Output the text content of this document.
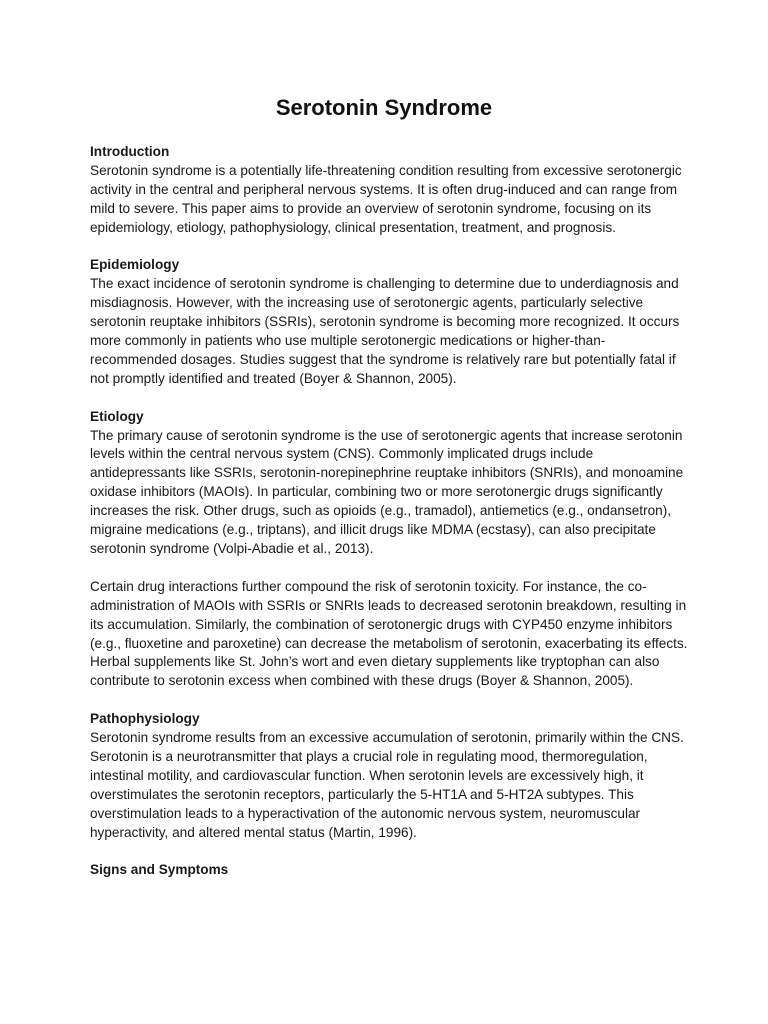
Serotonin Syndrome
Introduction

Serotonin syndrome is a potentially life-threatening condition resulting from excessive serotonergic activity in the central and peripheral nervous systems. It is often drug-induced and can range from mild to severe. This paper aims to provide an overview of serotonin syndrome, focusing on its epidemiology, etiology, pathophysiology, clinical presentation, treatment, and prognosis.

Epidemiology

The exact incidence of serotonin syndrome is challenging to determine due to underdiagnosis and misdiagnosis. However, with the increasing use of serotonergic agents, particularly selective serotonin reuptake inhibitors (SSRIs), serotonin syndrome is becoming more recognized. It occurs more commonly in patients who use multiple serotonergic medications or higher-than-recommended dosages. Studies suggest that the syndrome is relatively rare but potentially fatal if not promptly identified and treated (Boyer & Shannon, 2005).

Etiology

The primary cause of serotonin syndrome is the use of serotonergic agents that increase serotonin levels within the central nervous system (CNS). Commonly implicated drugs include antidepressants like SSRIs, serotonin-norepinephrine reuptake inhibitors (SNRIs), and monoamine oxidase inhibitors (MAOIs). In particular, combining two or more serotonergic drugs significantly increases the risk. Other drugs, such as opioids (e.g., tramadol), antiemetics (e.g., ondansetron), migraine medications (e.g., triptans), and illicit drugs like MDMA (ecstasy), can also precipitate serotonin syndrome (Volpi-Abadie et al., 2013).

Certain drug interactions further compound the risk of serotonin toxicity. For instance, the co-administration of MAOIs with SSRIs or SNRIs leads to decreased serotonin breakdown, resulting in its accumulation. Similarly, the combination of serotonergic drugs with CYP450 enzyme inhibitors (e.g., fluoxetine and paroxetine) can decrease the metabolism of serotonin, exacerbating its effects. Herbal supplements like St. John’s wort and even dietary supplements like tryptophan can also contribute to serotonin excess when combined with these drugs (Boyer & Shannon, 2005).

Pathophysiology

Serotonin syndrome results from an excessive accumulation of serotonin, primarily within the CNS. Serotonin is a neurotransmitter that plays a crucial role in regulating mood, thermoregulation, intestinal motility, and cardiovascular function. When serotonin levels are excessively high, it overstimulates the serotonin receptors, particularly the 5-HT1A and 5-HT2A subtypes. This overstimulation leads to a hyperactivation of the autonomic nervous system, neuromuscular hyperactivity, and altered mental status (Martin, 1996).

Signs and Symptoms
